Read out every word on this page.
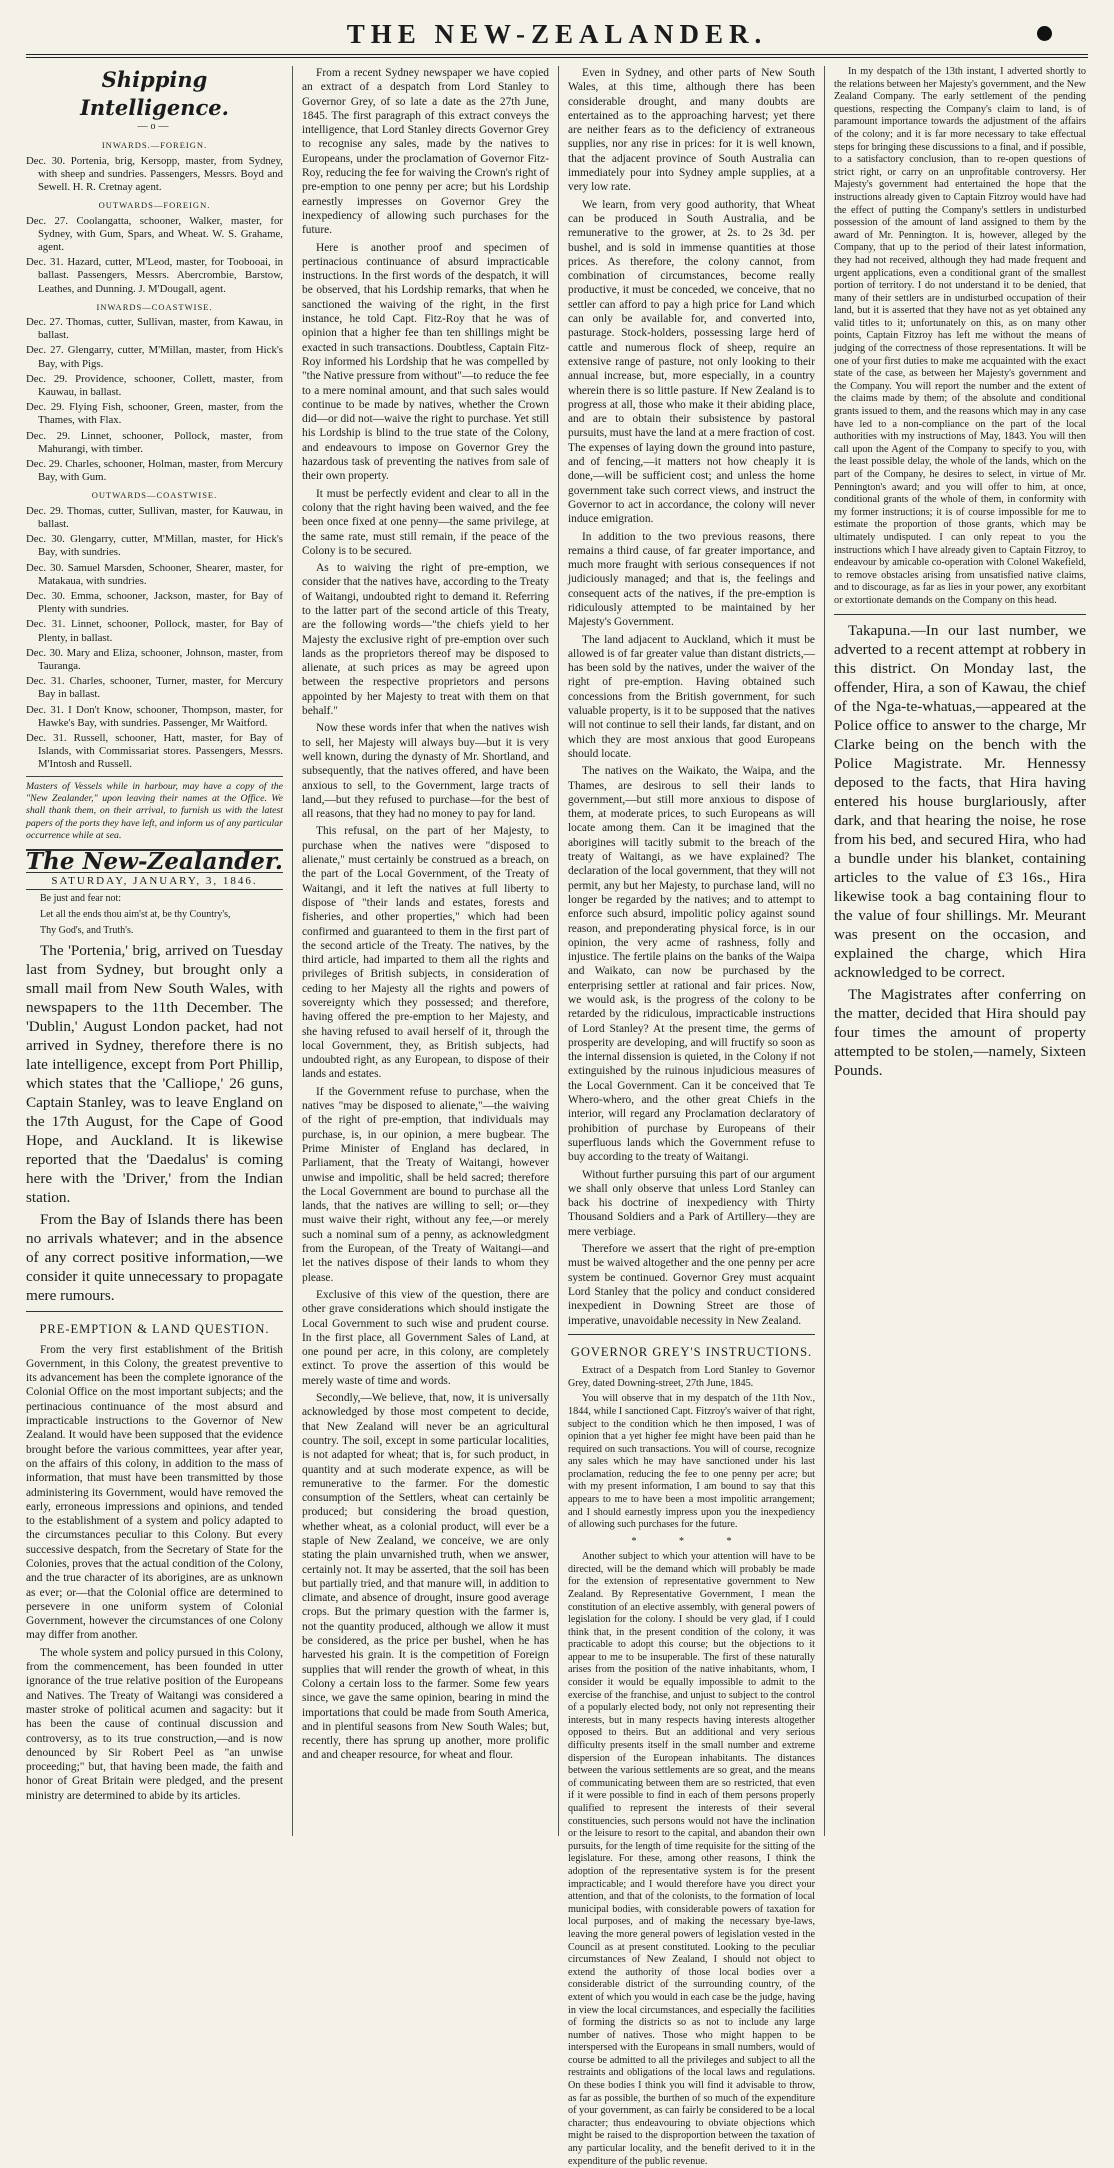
THE NEW-ZEALANDER.
Shipping Intelligence.
—o—
INWARDS.—FOREIGN.
Dec. 30. Portenia, brig, Kersopp, master, from Sydney, with sheep and sundries. Passengers, Messrs. Boyd and Sewell. H. R. Cretnay agent.
OUTWARDS—FOREIGN.
Dec. 27. Coolangatta, schooner, Walker, master, for Sydney, with Gum, Spars, and Wheat. W. S. Grahame, agent.
Dec. 31. Hazard, cutter, M'Leod, master, for Toobooai, in ballast. Passengers, Messrs. Abercrombie, Barstow, Leathes, and Dunning. J. M'Dougall, agent.
INWARDS—COASTWISE.
Dec. 27. Thomas, cutter, Sullivan, master, from Kawau, in ballast.
Dec. 27. Glengarry, cutter, M'Millan, master, from Hick's Bay, with Pigs.
Dec. 29. Providence, schooner, Collett, master, from Kauwau, in ballast.
Dec. 29. Flying Fish, schooner, Green, master, from the Thames, with Flax.
Dec. 29. Linnet, schooner, Pollock, master, from Mahurangi, with timber.
Dec. 29. Charles, schooner, Holman, master, from Mercury Bay, with Gum.
OUTWARDS—COASTWISE.
Dec. 29. Thomas, cutter, Sullivan, master, for Kauwau, in ballast.
Dec. 30. Glengarry, cutter, M'Millan, master, for Hick's Bay, with sundries.
Dec. 30. Samuel Marsden, Schooner, Shearer, master, for Matakaua, with sundries.
Dec. 30. Emma, schooner, Jackson, master, for Bay of Plenty with sundries.
Dec. 31. Linnet, schooner, Pollock, master, for Bay of Plenty, in ballast.
Dec. 30. Mary and Eliza, schooner, Johnson, master, from Tauranga.
Dec. 31. Charles, schooner, Turner, master, for Mercury Bay in ballast.
Dec. 31. I Don't Know, schooner, Thompson, master, for Hawke's Bay, with sundries. Passenger, Mr Waitford.
Dec. 31. Russell, schooner, Hatt, master, for Bay of Islands, with Commissariat stores. Passengers, Messrs. M'Intosh and Russell.
Masters of Vessels while in harbour, may have a copy of the "New Zealander," upon leaving their names at the Office. We shall thank them, on their arrival, to furnish us with the latest papers of the ports they have left, and inform us of any particular occurrence while at sea.
The New-Zealander.
SATURDAY, JANUARY, 3, 1846.

Be just and fear not:

Let all the ends thou aim'st at, be thy Country's,

Thy God's, and Truth's.

The 'Portenia,' brig, arrived on Tuesday last from Sydney, but brought only a small mail from New South Wales, with newspapers to the 11th December. The 'Dublin,' August London packet, had not arrived in Sydney, therefore there is no late intelligence, except from Port Phillip, which states that the 'Calliope,' 26 guns, Captain Stanley, was to leave England on the 17th August, for the Cape of Good Hope, and Auckland. It is likewise reported that the 'Daedalus' is coming here with the 'Driver,' from the Indian station.

From the Bay of Islands there has been no arrivals whatever; and in the absence of any correct positive information,—we consider it quite unnecessary to propagate mere rumours.

PRE-EMPTION & LAND QUESTION.

From the very first establishment of the British Government, in this Colony, the greatest preventive to its advancement has been the complete ignorance of the Colonial Office on the most important subjects; and the pertinacious continuance of the most absurd and impracticable instructions to the Governor of New Zealand. It would have been supposed that the evidence brought before the various committees, year after year, on the affairs of this colony, in addition to the mass of information, that must have been transmitted by those administering its Government, would have removed the early, erroneous impressions and opinions, and tended to the establishment of a system and policy adapted to the circumstances peculiar to this Colony. But every successive despatch, from the Secretary of State for the Colonies, proves that the actual condition of the Colony, and the true character of its aborigines, are as unknown as ever; or—that the Colonial office are determined to persevere in one uniform system of Colonial Government, however the circumstances of one Colony may differ from another.

The whole system and policy pursued in this Colony, from the commencement, has been founded in utter ignorance of the true relative position of the Europeans and Natives. The Treaty of Waitangi was considered a master stroke of political acumen and sagacity: but it has been the cause of continual discussion and controversy, as to its true construction,—and is now denounced by Sir Robert Peel as "an unwise proceeding;" but, that having been made, the faith and honor of Great Britain were pledged, and the present ministry are determined to abide by its articles.

From a recent Sydney newspaper we have copied an extract of a despatch from Lord Stanley to Governor Grey, of so late a date as the 27th June, 1845. The first paragraph of this extract conveys the intelligence, that Lord Stanley directs Governor Grey to recognise any sales, made by the natives to Europeans, under the proclamation of Governor Fitz-Roy, reducing the fee for waiving the Crown's right of pre-emption to one penny per acre; but his Lordship earnestly impresses on Governor Grey the inexpediency of allowing such purchases for the future.

Here is another proof and specimen of pertinacious continuance of absurd impracticable instructions. In the first words of the despatch, it will be observed, that his Lordship remarks, that when he sanctioned the waiving of the right, in the first instance, he told Capt. Fitz-Roy that he was of opinion that a higher fee than ten shillings might be exacted in such transactions. Doubtless, Captain Fitz-Roy informed his Lordship that he was compelled by "the Native pressure from without"—to reduce the fee to a mere nominal amount, and that such sales would continue to be made by natives, whether the Crown did—or did not—waive the right to purchase. Yet still his Lordship is blind to the true state of the Colony, and endeavours to impose on Governor Grey the hazardous task of preventing the natives from sale of their own property.

It must be perfectly evident and clear to all in the colony that the right having been waived, and the fee been once fixed at one penny—the same privilege, at the same rate, must still remain, if the peace of the Colony is to be secured.

As to waiving the right of pre-emption, we consider that the natives have, according to the Treaty of Waitangi, undoubted right to demand it. Referring to the latter part of the second article of this Treaty, are the following words—"the chiefs yield to her Majesty the exclusive right of pre-emption over such lands as the proprietors thereof may be disposed to alienate, at such prices as may be agreed upon between the respective proprietors and persons appointed by her Majesty to treat with them on that behalf."

Now these words infer that when the natives wish to sell, her Majesty will always buy—but it is very well known, during the dynasty of Mr. Shortland, and subsequently, that the natives offered, and have been anxious to sell, to the Government, large tracts of land,—but they refused to purchase—for the best of all reasons, that they had no money to pay for land.

This refusal, on the part of her Majesty, to purchase when the natives were "disposed to alienate," must certainly be construed as a breach, on the part of the Local Government, of the Treaty of Waitangi, and it left the natives at full liberty to dispose of "their lands and estates, forests and fisheries, and other properties," which had been confirmed and guaranteed to them in the first part of the second article of the Treaty. The natives, by the third article, had imparted to them all the rights and privileges of British subjects, in consideration of ceding to her Majesty all the rights and powers of sovereignty which they possessed; and therefore, having offered the pre-emption to her Majesty, and she having refused to avail herself of it, through the local Government, they, as British subjects, had undoubted right, as any European, to dispose of their lands and estates.

If the Government refuse to purchase, when the natives "may be disposed to alienate,"—the waiving of the right of pre-emption, that individuals may purchase, is, in our opinion, a mere bugbear. The Prime Minister of England has declared, in Parliament, that the Treaty of Waitangi, however unwise and impolitic, shall be held sacred; therefore the Local Government are bound to purchase all the lands, that the natives are willing to sell; or—they must waive their right, without any fee,—or merely such a nominal sum of a penny, as acknowledgment from the European, of the Treaty of Waitangi—and let the natives dispose of their lands to whom they please.

Exclusive of this view of the question, there are other grave considerations which should instigate the Local Government to such wise and prudent course. In the first place, all Government Sales of Land, at one pound per acre, in this colony, are completely extinct. To prove the assertion of this would be merely waste of time and words.

Secondly,—We believe, that, now, it is universally acknowledged by those most competent to decide, that New Zealand will never be an agricultural country. The soil, except in some particular localities, is not adapted for wheat; that is, for such product, in quantity and at such moderate expence, as will be remunerative to the farmer. For the domestic consumption of the Settlers, wheat can certainly be produced; but considering the broad question, whether wheat, as a colonial product, will ever be a staple of New Zealand, we conceive, we are only stating the plain unvarnished truth, when we answer, certainly not. It may be asserted, that the soil has been but partially tried, and that manure will, in addition to climate, and absence of drought, insure good average crops. But the primary question with the farmer is, not the quantity produced, although we allow it must be considered, as the price per bushel, when he has harvested his grain. It is the competition of Foreign supplies that will render the growth of wheat, in this Colony a certain loss to the farmer. Some few years since, we gave the same opinion, bearing in mind the importations that could be made from South America, and in plentiful seasons from New South Wales; but, recently, there has sprung up another, more prolific and and cheaper resource, for wheat and flour.

Even in Sydney, and other parts of New South Wales, at this time, although there has been considerable drought, and many doubts are entertained as to the approaching harvest; yet there are neither fears as to the deficiency of extraneous supplies, nor any rise in prices: for it is well known, that the adjacent province of South Australia can immediately pour into Sydney ample supplies, at a very low rate.

We learn, from very good authority, that Wheat can be produced in South Australia, and be remunerative to the grower, at 2s. to 2s 3d. per bushel, and is sold in immense quantities at those prices. As therefore, the colony cannot, from combination of circumstances, become really productive, it must be conceded, we conceive, that no settler can afford to pay a high price for Land which can only be available for, and converted into, pasturage. Stock-holders, possessing large herd of cattle and numerous flock of sheep, require an extensive range of pasture, not only looking to their annual increase, but, more especially, in a country wherein there is so little pasture. If New Zealand is to progress at all, those who make it their abiding place, and are to obtain their subsistence by pastoral pursuits, must have the land at a mere fraction of cost. The expenses of laying down the ground into pasture, and of fencing,—it matters not how cheaply it is done,—will be sufficient cost; and unless the home government take such correct views, and instruct the Governor to act in accordance, the colony will never induce emigration.

In addition to the two previous reasons, there remains a third cause, of far greater importance, and much more fraught with serious consequences if not judiciously managed; and that is, the feelings and consequent acts of the natives, if the pre-emption is ridiculously attempted to be maintained by her Majesty's Government.

The land adjacent to Auckland, which it must be allowed is of far greater value than distant districts,—has been sold by the natives, under the waiver of the right of pre-emption. Having obtained such concessions from the British government, for such valuable property, is it to be supposed that the natives will not continue to sell their lands, far distant, and on which they are most anxious that good Europeans should locate.

The natives on the Waikato, the Waipa, and the Thames, are desirous to sell their lands to government,—but still more anxious to dispose of them, at moderate prices, to such Europeans as will locate among them. Can it be imagined that the aborigines will tacitly submit to the breach of the treaty of Waitangi, as we have explained? The declaration of the local government, that they will not permit, any but her Majesty, to purchase land, will no longer be regarded by the natives; and to attempt to enforce such absurd, impolitic policy against sound reason, and preponderating physical force, is in our opinion, the very acme of rashness, folly and injustice. The fertile plains on the banks of the Waipa and Waikato, can now be purchased by the enterprising settler at rational and fair prices. Now, we would ask, is the progress of the colony to be retarded by the ridiculous, impracticable instructions of Lord Stanley? At the present time, the germs of prosperity are developing, and will fructify so soon as the internal dissension is quieted, in the Colony if not extinguished by the ruinous injudicious measures of the Local Government. Can it be conceived that Te Whero-whero, and the other great Chiefs in the interior, will regard any Proclamation declaratory of prohibition of purchase by Europeans of their superfluous lands which the Government refuse to buy according to the treaty of Waitangi.

Without further pursuing this part of our argument we shall only observe that unless Lord Stanley can back his doctrine of inexpediency with Thirty Thousand Soldiers and a Park of Artillery—they are mere verbiage.

Therefore we assert that the right of pre-emption must be waived altogether and the one penny per acre system be continued. Governor Grey must acquaint Lord Stanley that the policy and conduct considered inexpedient in Downing Street are those of imperative, unavoidable necessity in New Zealand.

GOVERNOR GREY'S INSTRUCTIONS.

Extract of a Despatch from Lord Stanley to Governor Grey, dated Downing-street, 27th June, 1845.

You will observe that in my despatch of the 11th Nov., 1844, while I sanctioned Capt. Fitzroy's waiver of that right, subject to the condition which he then imposed, I was of opinion that a yet higher fee might have been paid than he required on such transactions. You will of course, recognize any sales which he may have sanctioned under his last proclamation, reducing the fee to one penny per acre; but with my present information, I am bound to say that this appears to me to have been a most impolitic arrangement; and I should earnestly impress upon you the inexpediency of allowing such purchases for the future.

* * *

Another subject to which your attention will have to be directed, will be the demand which will probably be made for the extension of representative government to New Zealand. By Representative Government, I mean the constitution of an elective assembly, with general powers of legislation for the colony. I should be very glad, if I could think that, in the present condition of the colony, it was practicable to adopt this course; but the objections to it appear to me to be insuperable. The first of these naturally arises from the position of the native inhabitants, whom, I consider it would be equally impossible to admit to the exercise of the franchise, and unjust to subject to the control of a popularly elected body, not only not representing their interests, but in many respects having interests altogether opposed to theirs. But an additional and very serious difficulty presents itself in the small number and extreme dispersion of the European inhabitants. The distances between the various settlements are so great, and the means of communicating between them are so restricted, that even if it were possible to find in each of them persons properly qualified to represent the interests of their several constituencies, such persons would not have the inclination or the leisure to resort to the capital, and abandon their own pursuits, for the length of time requisite for the sitting of the legislature. For these, among other reasons, I think the adoption of the representative system is for the present impracticable; and I would therefore have you direct your attention, and that of the colonists, to the formation of local municipal bodies, with considerable powers of taxation for local purposes, and of making the necessary bye-laws, leaving the more general powers of legislation vested in the Council as at present constituted. Looking to the peculiar circumstances of New Zealand, I should not object to extend the authority of those local bodies over a considerable district of the surrounding country, of the extent of which you would in each case be the judge, having in view the local circumstances, and especially the facilities of forming the districts so as not to include any large number of natives. Those who might happen to be interspersed with the Europeans in small numbers, would of course be admitted to all the privileges and subject to all the restraints and obligations of the local laws and regulations. On these bodies I think you will find it advisable to throw, as far as possible, the burthen of so much of the expenditure of your government, as can fairly be considered to be a local character; thus endeavouring to obviate objections which might be raised to the disproportion between the taxation of any particular locality, and the benefit derived to it in the expenditure of the public revenue.

In my despatch of the 13th instant, I adverted shortly to the relations between her Majesty's government, and the New Zealand Company. The early settlement of the pending questions, respecting the Company's claim to land, is of paramount importance towards the adjustment of the affairs of the colony; and it is far more necessary to take effectual steps for bringing these discussions to a final, and if possible, to a satisfactory conclusion, than to re-open questions of strict right, or carry on an unprofitable controversy. Her Majesty's government had entertained the hope that the instructions already given to Captain Fitzroy would have had the effect of putting the Company's settlers in undisturbed possession of the amount of land assigned to them by the award of Mr. Pennington. It is, however, alleged by the Company, that up to the period of their latest information, they had not received, although they had made frequent and urgent applications, even a conditional grant of the smallest portion of territory. I do not understand it to be denied, that many of their settlers are in undisturbed occupation of their land, but it is asserted that they have not as yet obtained any valid titles to it; unfortunately on this, as on many other points, Captain Fitzroy has left me without the means of judging of the correctness of those representations. It will be one of your first duties to make me acquainted with the exact state of the case, as between her Majesty's government and the Company. You will report the number and the extent of the claims made by them; of the absolute and conditional grants issued to them, and the reasons which may in any case have led to a non-compliance on the part of the local authorities with my instructions of May, 1843. You will then call upon the Agent of the Company to specify to you, with the least possible delay, the whole of the lands, which on the part of the Company, he desires to select, in virtue of Mr. Pennington's award; and you will offer to him, at once, conditional grants of the whole of them, in conformity with my former instructions; it is of course impossible for me to estimate the proportion of those grants, which may be ultimately undisputed. I can only repeat to you the instructions which I have already given to Captain Fitzroy, to endeavour by amicable co-operation with Colonel Wakefield, to remove obstacles arising from unsatisfied native claims, and to discourage, as far as lies in your power, any exorbitant or extortionate demands on the Company on this head.

Takapuna.—In our last number, we adverted to a recent attempt at robbery in this district. On Monday last, the offender, Hira, a son of Kawau, the chief of the Nga-te-whatuas,—appeared at the Police office to answer to the charge, Mr Clarke being on the bench with the Police Magistrate. Mr. Hennessy deposed to the facts, that Hira having entered his house burglariously, after dark, and that hearing the noise, he rose from his bed, and secured Hira, who had a bundle under his blanket, containing articles to the value of £3 16s., Hira likewise took a bag containing flour to the value of four shillings. Mr. Meurant was present on the occasion, and explained the charge, which Hira acknowledged to be correct.

The Magistrates after conferring on the matter, decided that Hira should pay four times the amount of property attempted to be stolen,—namely, Sixteen Pounds.
